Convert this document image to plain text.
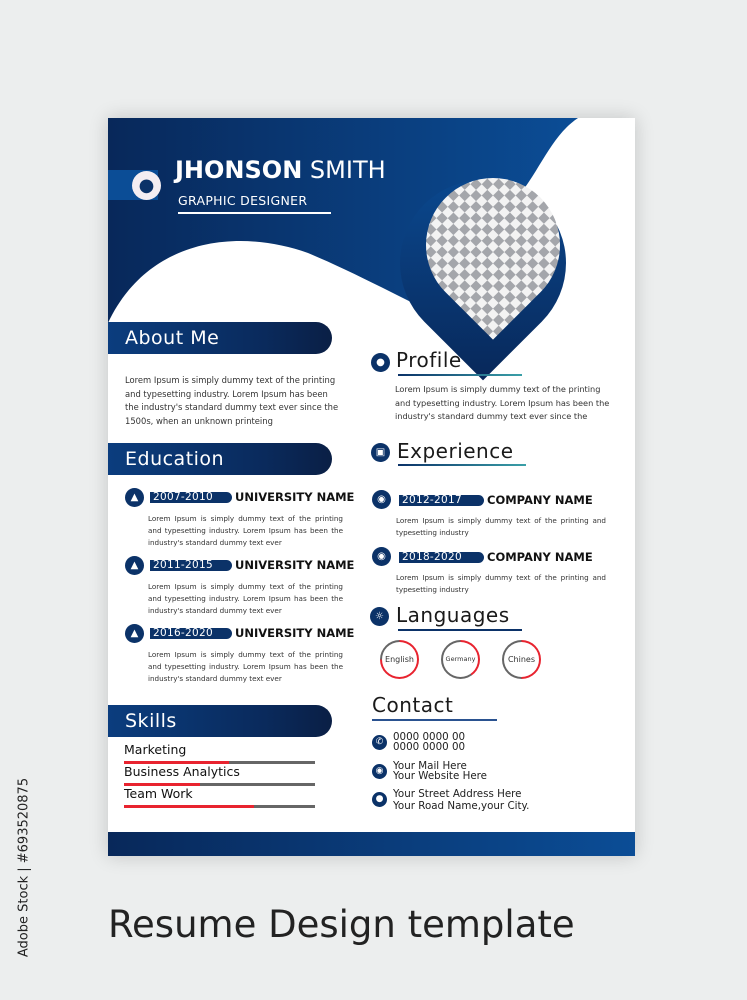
●
JHONSON SMITH
GRAPHIC DESIGNER
About Me
Lorem Ipsum is simply dummy text of the printing and typesetting industry. Lorem Ipsum has been the industry's standard dummy text ever since the 1500s, when an unknown printeing
Education
Skills
● Profile
Lorem Ipsum is simply dummy text of the printing and typesetting industry. Lorem Ipsum has been the industry's standard dummy text ever since the
▣ Experience
☼ Languages
Contact
✆ 0000 0000 00
0000 0000 00
◉ Your Mail Here
Your Website Here
● Your Street Address Here
Your Road Name,your City.
▲	2007-2010	UNIVERSITY NAME
Lorem Ipsum is simply dummy text of the printing and typesetting industry. Lorem Ipsum has been the industry's standard dummy text ever
▲	2011-2015	UNIVERSITY NAME
Lorem Ipsum is simply dummy text of the printing and typesetting industry. Lorem Ipsum has been the industry's standard dummy text ever
▲	2016-2020	UNIVERSITY NAME
Lorem Ipsum is simply dummy text of the printing and typesetting industry. Lorem Ipsum has been the industry's standard dummy text ever
Marketing
Business Analytics
Team Work
◉	2012-2017	COMPANY NAME
Lorem Ipsum is simply dummy text of the printing and typesetting industry
◉	2018-2020	COMPANY NAME
Lorem Ipsum is simply dummy text of the printing and typesetting industry
English	Germany	Chines
Resume Design template
Adobe Stock | #693520875
